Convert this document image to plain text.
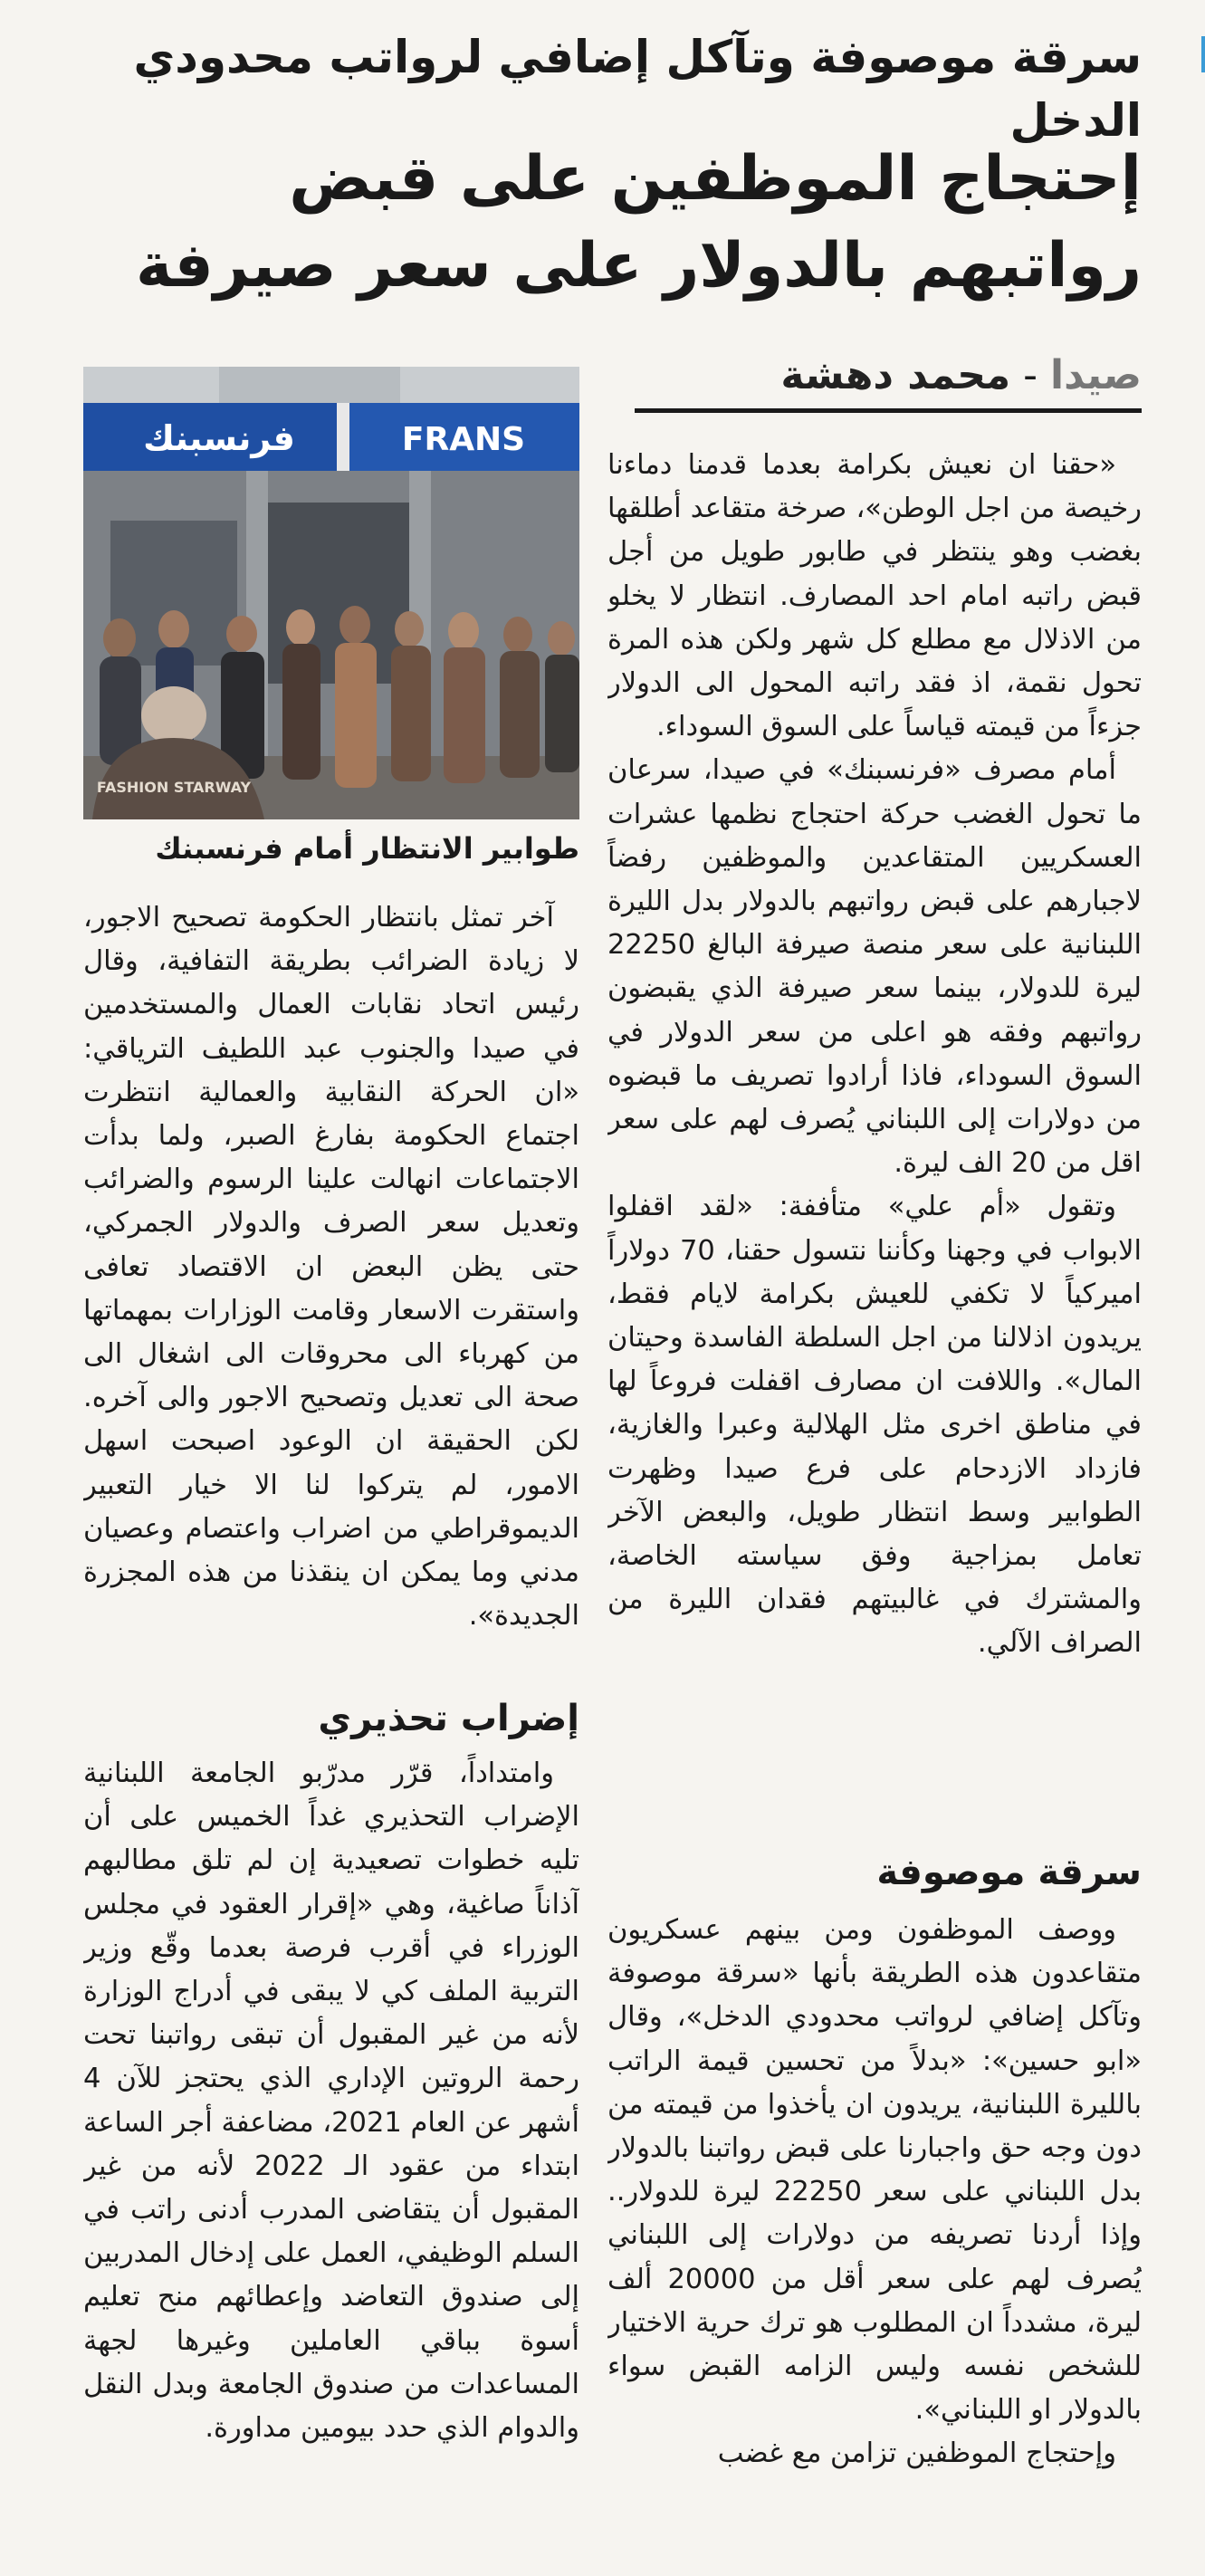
سرقة موصوفة وتآكل إضافي لرواتب محدودي الدخل
إحتجاج الموظفين على قبض رواتبهم بالدولار على سعر صيرفة
صيدا - محمد دهشة
فرنسبنك	FRANS
FASHION STARWAY
طوابير الانتظار أمام فرنسبنك

«حقنا ان نعيش بكرامة بعدما قدمنا دماءنا رخيصة من اجل الوطن»، صرخة متقاعد أطلقها بغضب وهو ينتظر في طابور طويل من أجل قبض راتبه امام احد المصارف. انتظار لا يخلو من الاذلال مع مطلع كل شهر ولكن هذه المرة تحول نقمة، اذ فقد راتبه المحول الى الدولار جزءاً من قيمته قياساً على السوق السوداء.

أمام مصرف «فرنسبنك» في صيدا، سرعان ما تحول الغضب حركة احتجاج نظمها عشرات العسكريين المتقاعدين والموظفين رفضاً لاجبارهم على قبض رواتبهم بالدولار بدل الليرة اللبنانية على سعر منصة صيرفة البالغ 22250 ليرة للدولار، بينما سعر صيرفة الذي يقبضون رواتبهم وفقه هو اعلى من سعر الدولار في السوق السوداء، فاذا أرادوا تصريف ما قبضوه من دولارات إلى اللبناني يُصرف لهم على سعر اقل من 20 الف ليرة.

وتقول «أم علي» متأففة: «لقد اقفلوا الابواب في وجهنا وكأننا نتسول حقنا، 70 دولاراً اميركياً لا تكفي للعيش بكرامة لايام فقط، يريدون اذلالنا من اجل السلطة الفاسدة وحيتان المال». واللافت ان مصارف اقفلت فروعاً لها في مناطق اخرى مثل الهلالية وعبرا والغازية، فازداد الازدحام على فرع صيدا وظهرت الطوابير وسط انتظار طويل، والبعض الآخر تعامل بمزاجية وفق سياسته الخاصة، والمشترك في غالبيتهم فقدان الليرة من الصراف الآلي.

سرقة موصوفة

ووصف الموظفون ومن بينهم عسكريون متقاعدون هذه الطريقة بأنها «سرقة موصوفة وتآكل إضافي لرواتب محدودي الدخل»، وقال «ابو حسين»: «بدلاً من تحسين قيمة الراتب بالليرة اللبنانية، يريدون ان يأخذوا من قيمته من دون وجه حق واجبارنا على قبض رواتبنا بالدولار بدل اللبناني على سعر 22250 ليرة للدولار.. وإذا أردنا تصريفه من دولارات إلى اللبناني يُصرف لهم على سعر أقل من 20000 ألف ليرة، مشدداً ان المطلوب هو ترك حرية الاختيار للشخص نفسه وليس الزامه القبض سواء بالدولار او اللبناني».

وإحتجاج الموظفين تزامن مع غضب

آخر تمثل بانتظار الحكومة تصحيح الاجور، لا زيادة الضرائب بطريقة التفافية، وقال رئيس اتحاد نقابات العمال والمستخدمين في صيدا والجنوب عبد اللطيف الترياقي: «ان الحركة النقابية والعمالية انتظرت اجتماع الحكومة بفارغ الصبر، ولما بدأت الاجتماعات انهالت علينا الرسوم والضرائب وتعديل سعر الصرف والدولار الجمركي، حتى يظن البعض ان الاقتصاد تعافى واستقرت الاسعار وقامت الوزارات بمهماتها من كهرباء الى محروقات الى اشغال الى صحة الى تعديل وتصحيح الاجور والى آخره. لكن الحقيقة ان الوعود اصبحت اسهل الامور، لم يتركوا لنا الا خيار التعبير الديموقراطي من اضراب واعتصام وعصيان مدني وما يمكن ان ينقذنا من هذه المجزرة الجديدة».

إضراب تحذيري

وامتداداً، قرّر مدرّبو الجامعة اللبنانية الإضراب التحذيري غداً الخميس على أن تليه خطوات تصعيدية إن لم تلق مطالبهم آذاناً صاغية، وهي «إقرار العقود في مجلس الوزراء في أقرب فرصة بعدما وقّع وزير التربية الملف كي لا يبقى في أدراج الوزارة لأنه من غير المقبول أن تبقى رواتبنا تحت رحمة الروتين الإداري الذي يحتجز للآن 4 أشهر عن العام 2021، مضاعفة أجر الساعة ابتداء من عقود الـ 2022 لأنه من غير المقبول أن يتقاضى المدرب أدنى راتب في السلم الوظيفي، العمل على إدخال المدربين إلى صندوق التعاضد وإعطائهم منح تعليم أسوة بباقي العاملين وغيرها لجهة المساعدات من صندوق الجامعة وبدل النقل والدوام الذي حدد بيومين مداورة.
